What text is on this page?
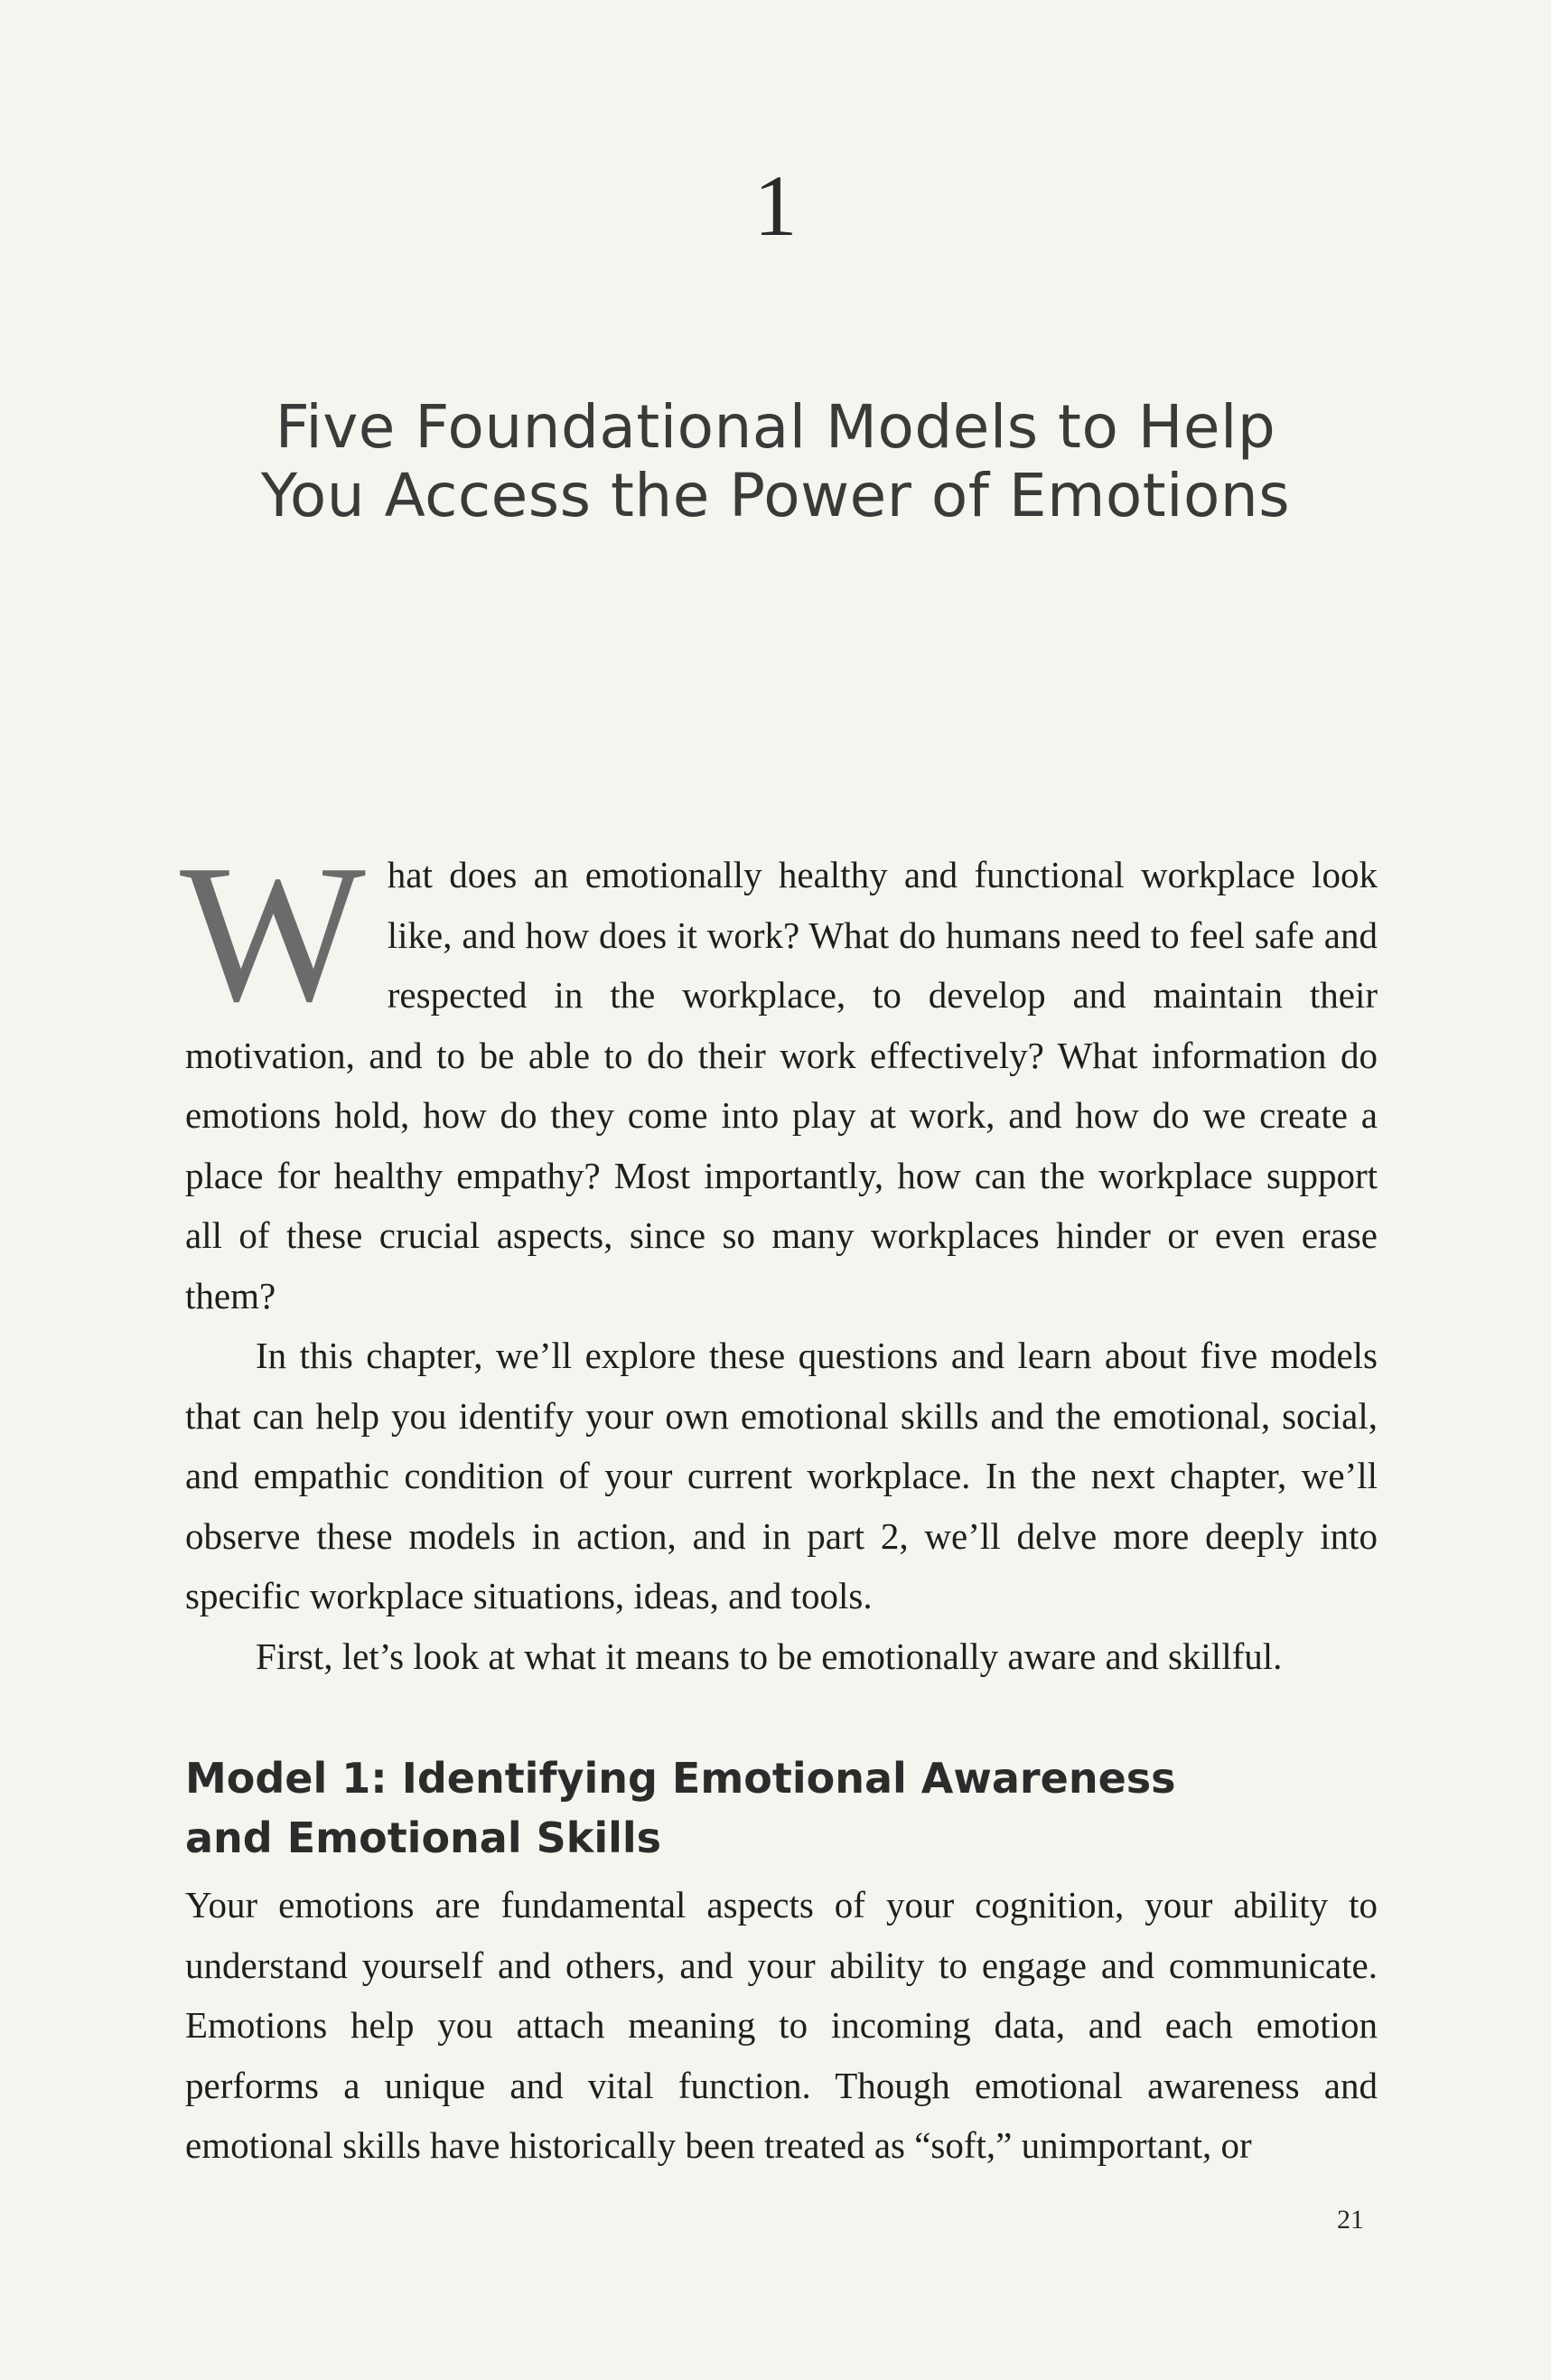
1
Five Foundational Models to Help
You Access the Power of Emotions

What does an emotionally healthy and functional workplace look like, and how does it work? What do humans need to feel safe and respected in the workplace, to develop and maintain their motivation, and to be able to do their work effectively? What information do emotions hold, how do they come into play at work, and how do we create a place for healthy empathy? Most importantly, how can the workplace support all of these crucial aspects, since so many workplaces hinder or even erase them?

In this chapter, we’ll explore these questions and learn about five models that can help you identify your own emotional skills and the emotional, social, and empathic condition of your current workplace. In the next chapter, we’ll observe these models in action, and in part 2, we’ll delve more deeply into specific workplace situations, ideas, and tools.

First, let’s look at what it means to be emotionally aware and skillful.

Model 1: Identifying Emotional Awareness
and Emotional Skills

Your emotions are fundamental aspects of your cognition, your ability to understand yourself and others, and your ability to engage and communicate. Emotions help you attach meaning to incoming data, and each emotion performs a unique and vital function. Though emotional awareness and emotional skills have historically been treated as “soft,” unimportant, or

21
